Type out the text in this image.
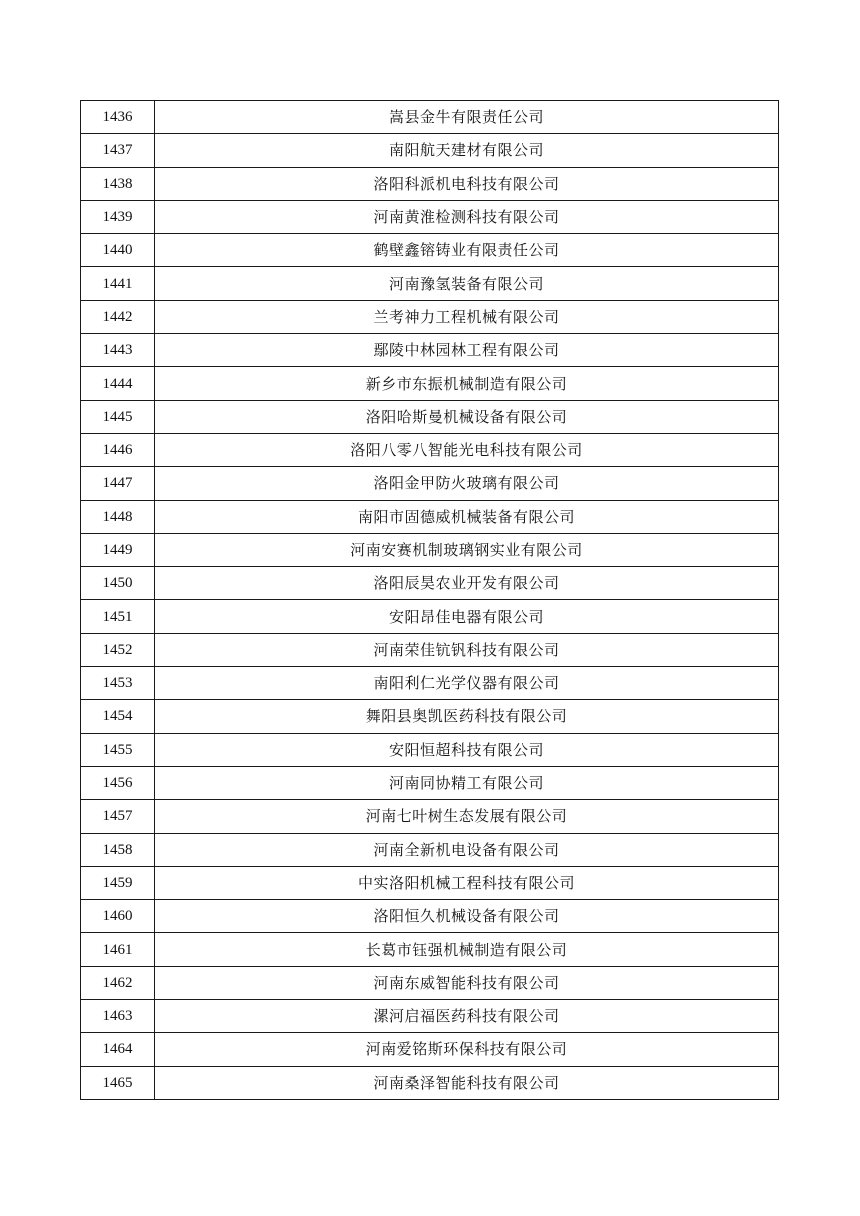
1436	嵩县金牛有限责任公司
1437	南阳航天建材有限公司
1438	洛阳科派机电科技有限公司
1439	河南黄淮检测科技有限公司
1440	鹤壁鑫镕铸业有限责任公司
1441	河南豫氢装备有限公司
1442	兰考神力工程机械有限公司
1443	鄢陵中林园林工程有限公司
1444	新乡市东振机械制造有限公司
1445	洛阳哈斯曼机械设备有限公司
1446	洛阳八零八智能光电科技有限公司
1447	洛阳金甲防火玻璃有限公司
1448	南阳市固德威机械装备有限公司
1449	河南安赛机制玻璃钢实业有限公司
1450	洛阳辰昊农业开发有限公司
1451	安阳昂佳电器有限公司
1452	河南荣佳钪钒科技有限公司
1453	南阳利仁光学仪器有限公司
1454	舞阳县奥凯医药科技有限公司
1455	安阳恒超科技有限公司
1456	河南同协精工有限公司
1457	河南七叶树生态发展有限公司
1458	河南全新机电设备有限公司
1459	中实洛阳机械工程科技有限公司
1460	洛阳恒久机械设备有限公司
1461	长葛市钰强机械制造有限公司
1462	河南东威智能科技有限公司
1463	漯河启福医药科技有限公司
1464	河南爱铭斯环保科技有限公司
1465	河南桑泽智能科技有限公司
